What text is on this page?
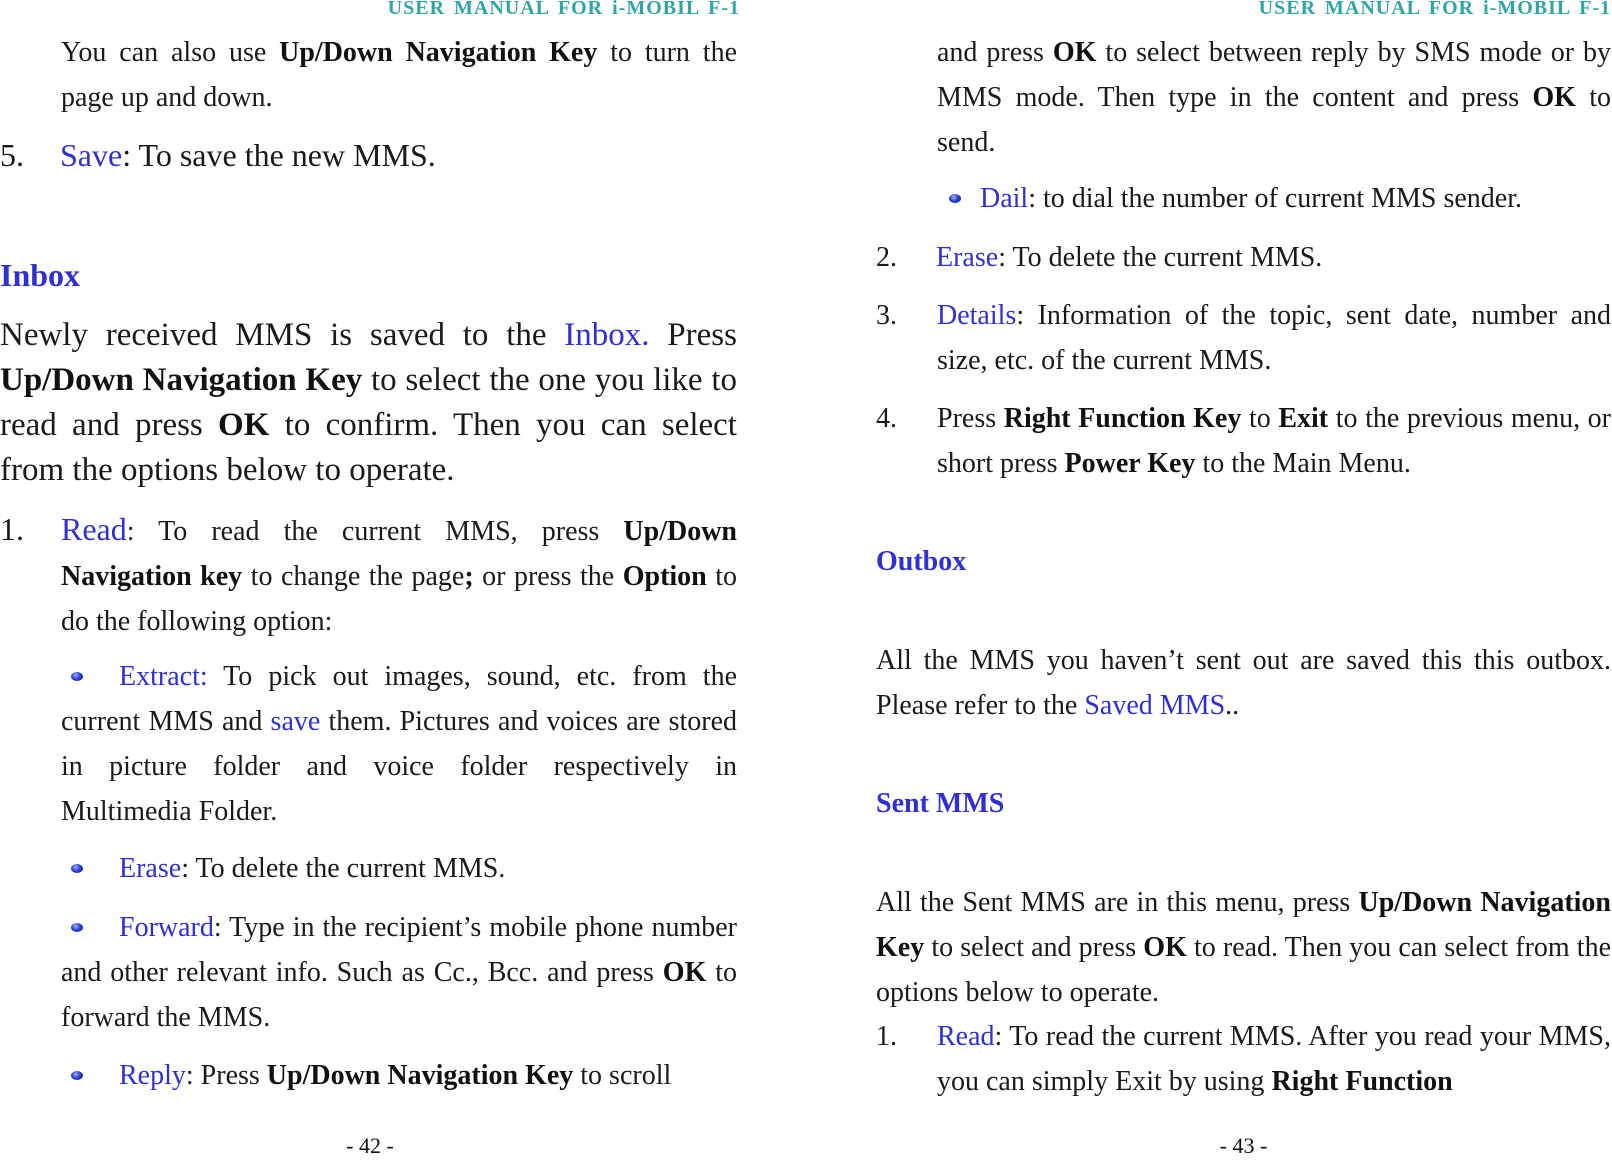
USER MANUAL FOR i-MOBIL F-1
You can also use Up/Down Navigation Key to turn the page up and down.
5. Save: To save the new MMS.
Inbox
Newly received MMS is saved to the Inbox. Press Up/Down Navigation Key to select the one you like to read and press OK to confirm. Then you can select from the options below to operate.
1.	Read: To read the current MMS, press Up/Down Navigation key to change the page; or press the Option to do the following option:
Extract: To pick out images, sound, etc. from the current MMS and save them. Pictures and voices are stored in picture folder and voice folder respectively in Multimedia Folder.
Erase: To delete the current MMS.
Forward: Type in the recipient’s mobile phone number and other relevant info. Such as Cc., Bcc. and press OK to forward the MMS.
Reply: Press Up/Down Navigation Key to scroll
- 42 -
USER MANUAL FOR i-MOBIL F-1
and press OK to select between reply by SMS mode or by MMS mode. Then type in the content and press OK to send.
Dail: to dial the number of current MMS sender.
2. Erase: To delete the current MMS.
3.	Details: Information of the topic, sent date, number and size, etc. of the current MMS.
4.	Press Right Function Key to Exit to the previous menu, or short press Power Key to the Main Menu.
Outbox
All the MMS you haven’t sent out are saved this this outbox. Please refer to the Saved MMS..
Sent MMS
All the Sent MMS are in this menu, press Up/Down Navigation Key to select and press OK to read. Then you can select from the options below to operate.
1.	Read: To read the current MMS. After you read your MMS, you can simply Exit by using Right Function
- 43 -
